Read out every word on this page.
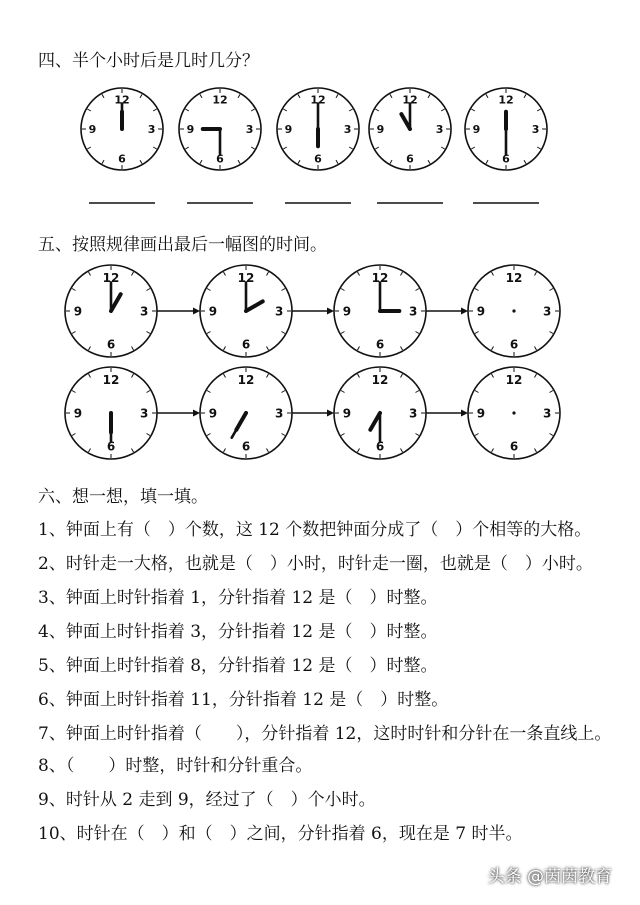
四、半个小时后是几时几分？
五、按照规律画出最后一幅图的时间。
六、想一想，填一填。
12
3
6
9
12
3
6
9
12
3
6
9
12
3
6
9
12
3
6
9
12
3
6
9
12
3
6
9
12
3
6
9
12
3
6
9
12
3
6
9
12
3
6
9
12
3
6
9
12
3
6
9
1、钟面上有（　）个数，这 12 个数把钟面分成了（　）个相等的大格。
2、时针走一大格，也就是（　）小时，时针走一圈，也就是（　）小时。
3、钟面上时针指着 1，分针指着 12 是（　）时整。
4、钟面上时针指着 3，分针指着 12 是（　）时整。
5、钟面上时针指着 8，分针指着 12 是（　）时整。
6、钟面上时针指着 11，分针指着 12 是（　）时整。
7、钟面上时针指着（　　），分针指着 12，这时时针和分针在一条直线上。
8、（　　）时整，时针和分针重合。
9、时针从 2 走到 9，经过了（　）个小时。
10、时针在（　）和（　）之间，分针指着 6，现在是 7 时半。
头条 @茵茵教育
